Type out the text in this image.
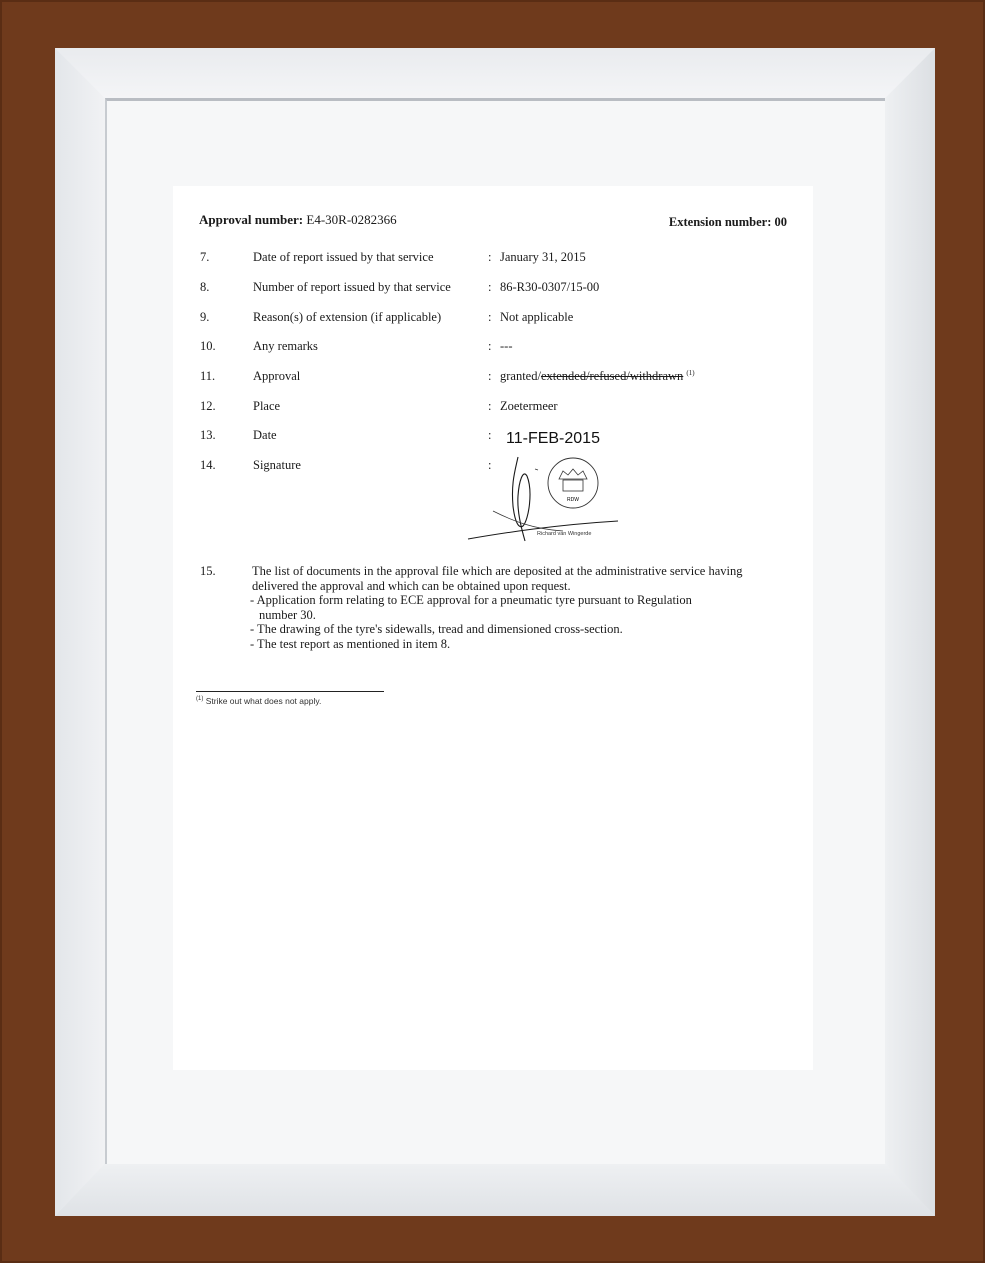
Approval number: E4-30R-0282366	Extension number: 00
7.	Date of report issued by that service	: January 31, 2015
8.	Number of report issued by that service	: 86-R30-0307/15-00
9.	Reason(s) of extension (if applicable)	: Not applicable
10.	Any remarks	: ---
11.	Approval	: granted/extended/refused/withdrawn $^{(1)}$
12.	Place	: Zoetermeer
13.	Date	: 11-FEB-2015
14.	Signature	:
RDW
Richard van Wingerde
15.	The list of documents in the approval file which are deposited at the administrative service having delivered the approval and which can be obtained upon request.
- Application form relating to ECE approval for a pneumatic tyre pursuant to Regulation
number 30.
- The drawing of the tyre's sidewalls, tread and dimensioned cross-section.
- The test report as mentioned in item 8.
$^{(1)}$ Strike out what does not apply.
